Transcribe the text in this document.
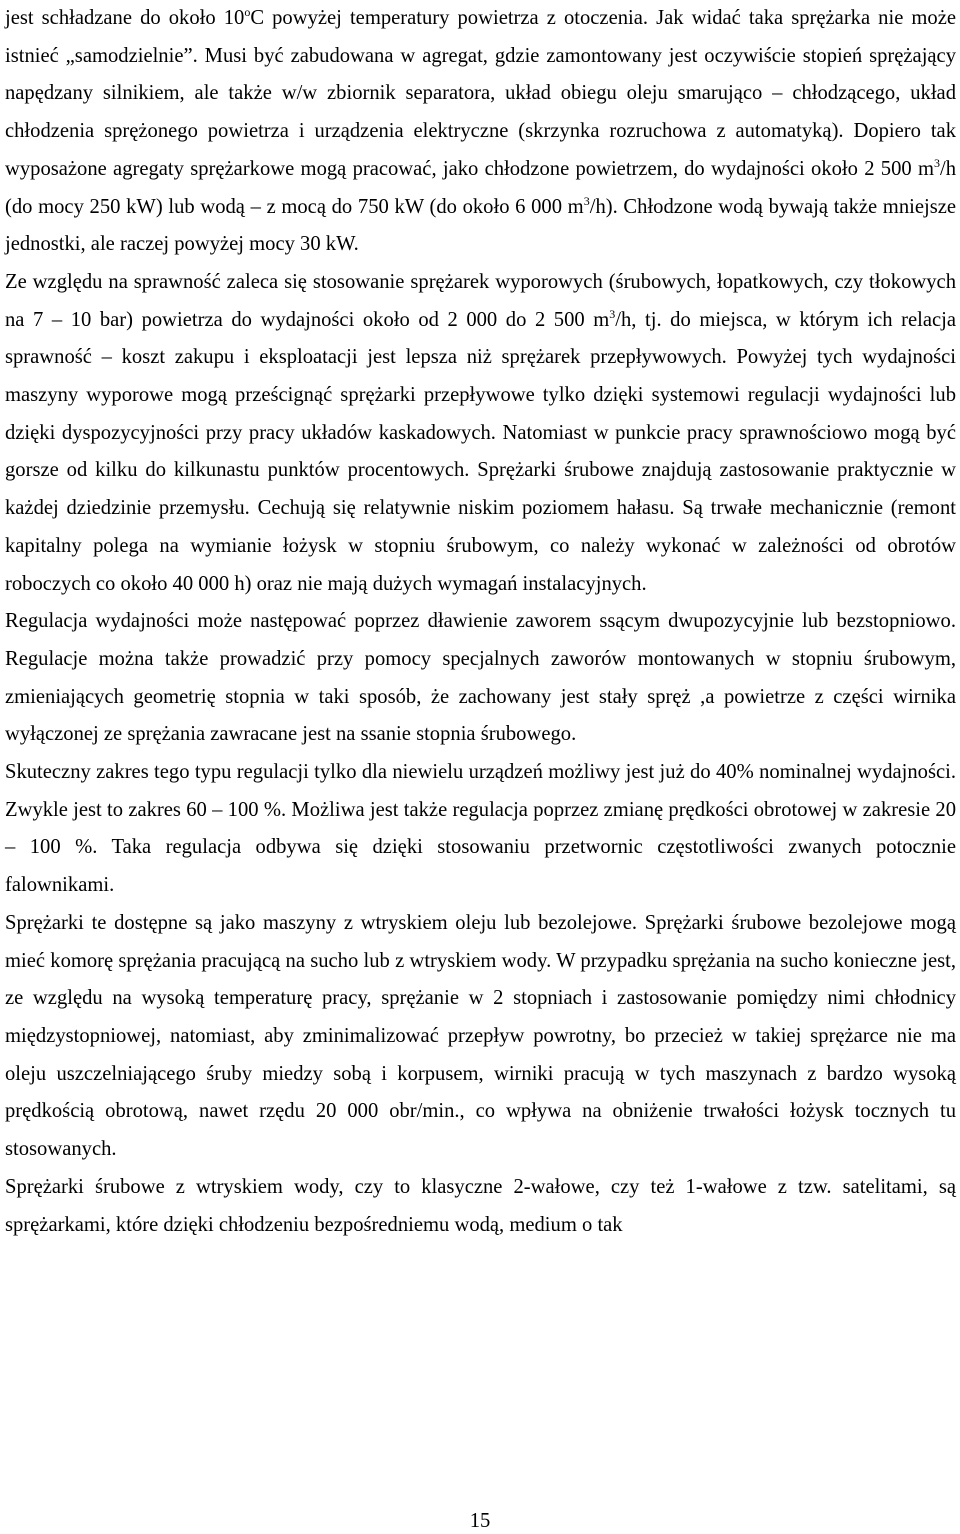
jest schładzane do około 10$^o$C powyżej temperatury powietrza z otoczenia. Jak widać taka sprężarka nie może istnieć „samodzielnie”. Musi być zabudowana w agregat, gdzie zamontowany jest oczywiście stopień sprężający napędzany silnikiem, ale także w/w zbiornik separatora, układ obiegu oleju smarująco – chłodzącego, układ chłodzenia sprężonego powietrza i urządzenia elektryczne (skrzynka rozruchowa z automatyką). Dopiero tak wyposażone agregaty sprężarkowe mogą pracować, jako chłodzone powietrzem, do wydajności około 2 500 $m^3/h$ (do mocy 250 kW) lub wodą – z mocą do 750 kW (do około 6 000 $m^3/h$). Chłodzone wodą bywają także mniejsze jednostki, ale raczej powyżej mocy 30 kW.

Ze względu na sprawność zaleca się stosowanie sprężarek wyporowych (śrubowych, łopatkowych, czy tłokowych na 7 – 10 bar) powietrza do wydajności około od 2 000 do 2 500 $m^3/h$, tj. do miejsca, w którym ich relacja sprawność – koszt zakupu i eksploatacji jest lepsza niż sprężarek przepływowych. Powyżej tych wydajności maszyny wyporowe mogą prześcignąć sprężarki przepływowe tylko dzięki systemowi regulacji wydajności lub dzięki dyspozycyjności przy pracy układów kaskadowych. Natomiast w punkcie pracy sprawnościowo mogą być gorsze od kilku do kilkunastu punktów procentowych. Sprężarki śrubowe znajdują zastosowanie praktycznie w każdej dziedzinie przemysłu. Cechują się relatywnie niskim poziomem hałasu. Są trwałe mechanicznie (remont kapitalny polega na wymianie łożysk w stopniu śrubowym, co należy wykonać w zależności od obrotów roboczych co około 40 000 h) oraz nie mają dużych wymagań instalacyjnych.

Regulacja wydajności może następować poprzez dławienie zaworem ssącym dwupozycyjnie lub bezstopniowo. Regulacje można także prowadzić przy pomocy specjalnych zaworów montowanych w stopniu śrubowym, zmieniających geometrię stopnia w taki sposób, że zachowany jest stały spręż ,a powietrze z części wirnika wyłączonej ze sprężania zawracane jest na ssanie stopnia śrubowego.

Skuteczny zakres tego typu regulacji tylko dla niewielu urządzeń możliwy jest już do 40% nominalnej wydajności. Zwykle jest to zakres 60 – 100 %. Możliwa jest także regulacja poprzez zmianę prędkości obrotowej w zakresie 20 – 100 %. Taka regulacja odbywa się dzięki stosowaniu przetwornic częstotliwości zwanych potocznie falownikami.

Sprężarki te dostępne są jako maszyny z wtryskiem oleju lub bezolejowe. Sprężarki śrubowe bezolejowe mogą mieć komorę sprężania pracującą na sucho lub z wtryskiem wody. W przypadku sprężania na sucho konieczne jest, ze względu na wysoką temperaturę pracy, sprężanie w 2 stopniach i zastosowanie pomiędzy nimi chłodnicy międzystopniowej, natomiast, aby zminimalizować przepływ powrotny, bo przecież w takiej sprężarce nie ma oleju uszczelniającego śruby miedzy sobą i korpusem, wirniki pracują w tych maszynach z bardzo wysoką prędkością obrotową, nawet rzędu 20 000 obr/min., co wpływa na obniżenie trwałości łożysk tocznych tu stosowanych.

Sprężarki śrubowe z wtryskiem wody, czy to klasyczne 2-wałowe, czy też 1-wałowe z tzw. satelitami, są sprężarkami, które dzięki chłodzeniu bezpośredniemu wodą, medium o tak

15
